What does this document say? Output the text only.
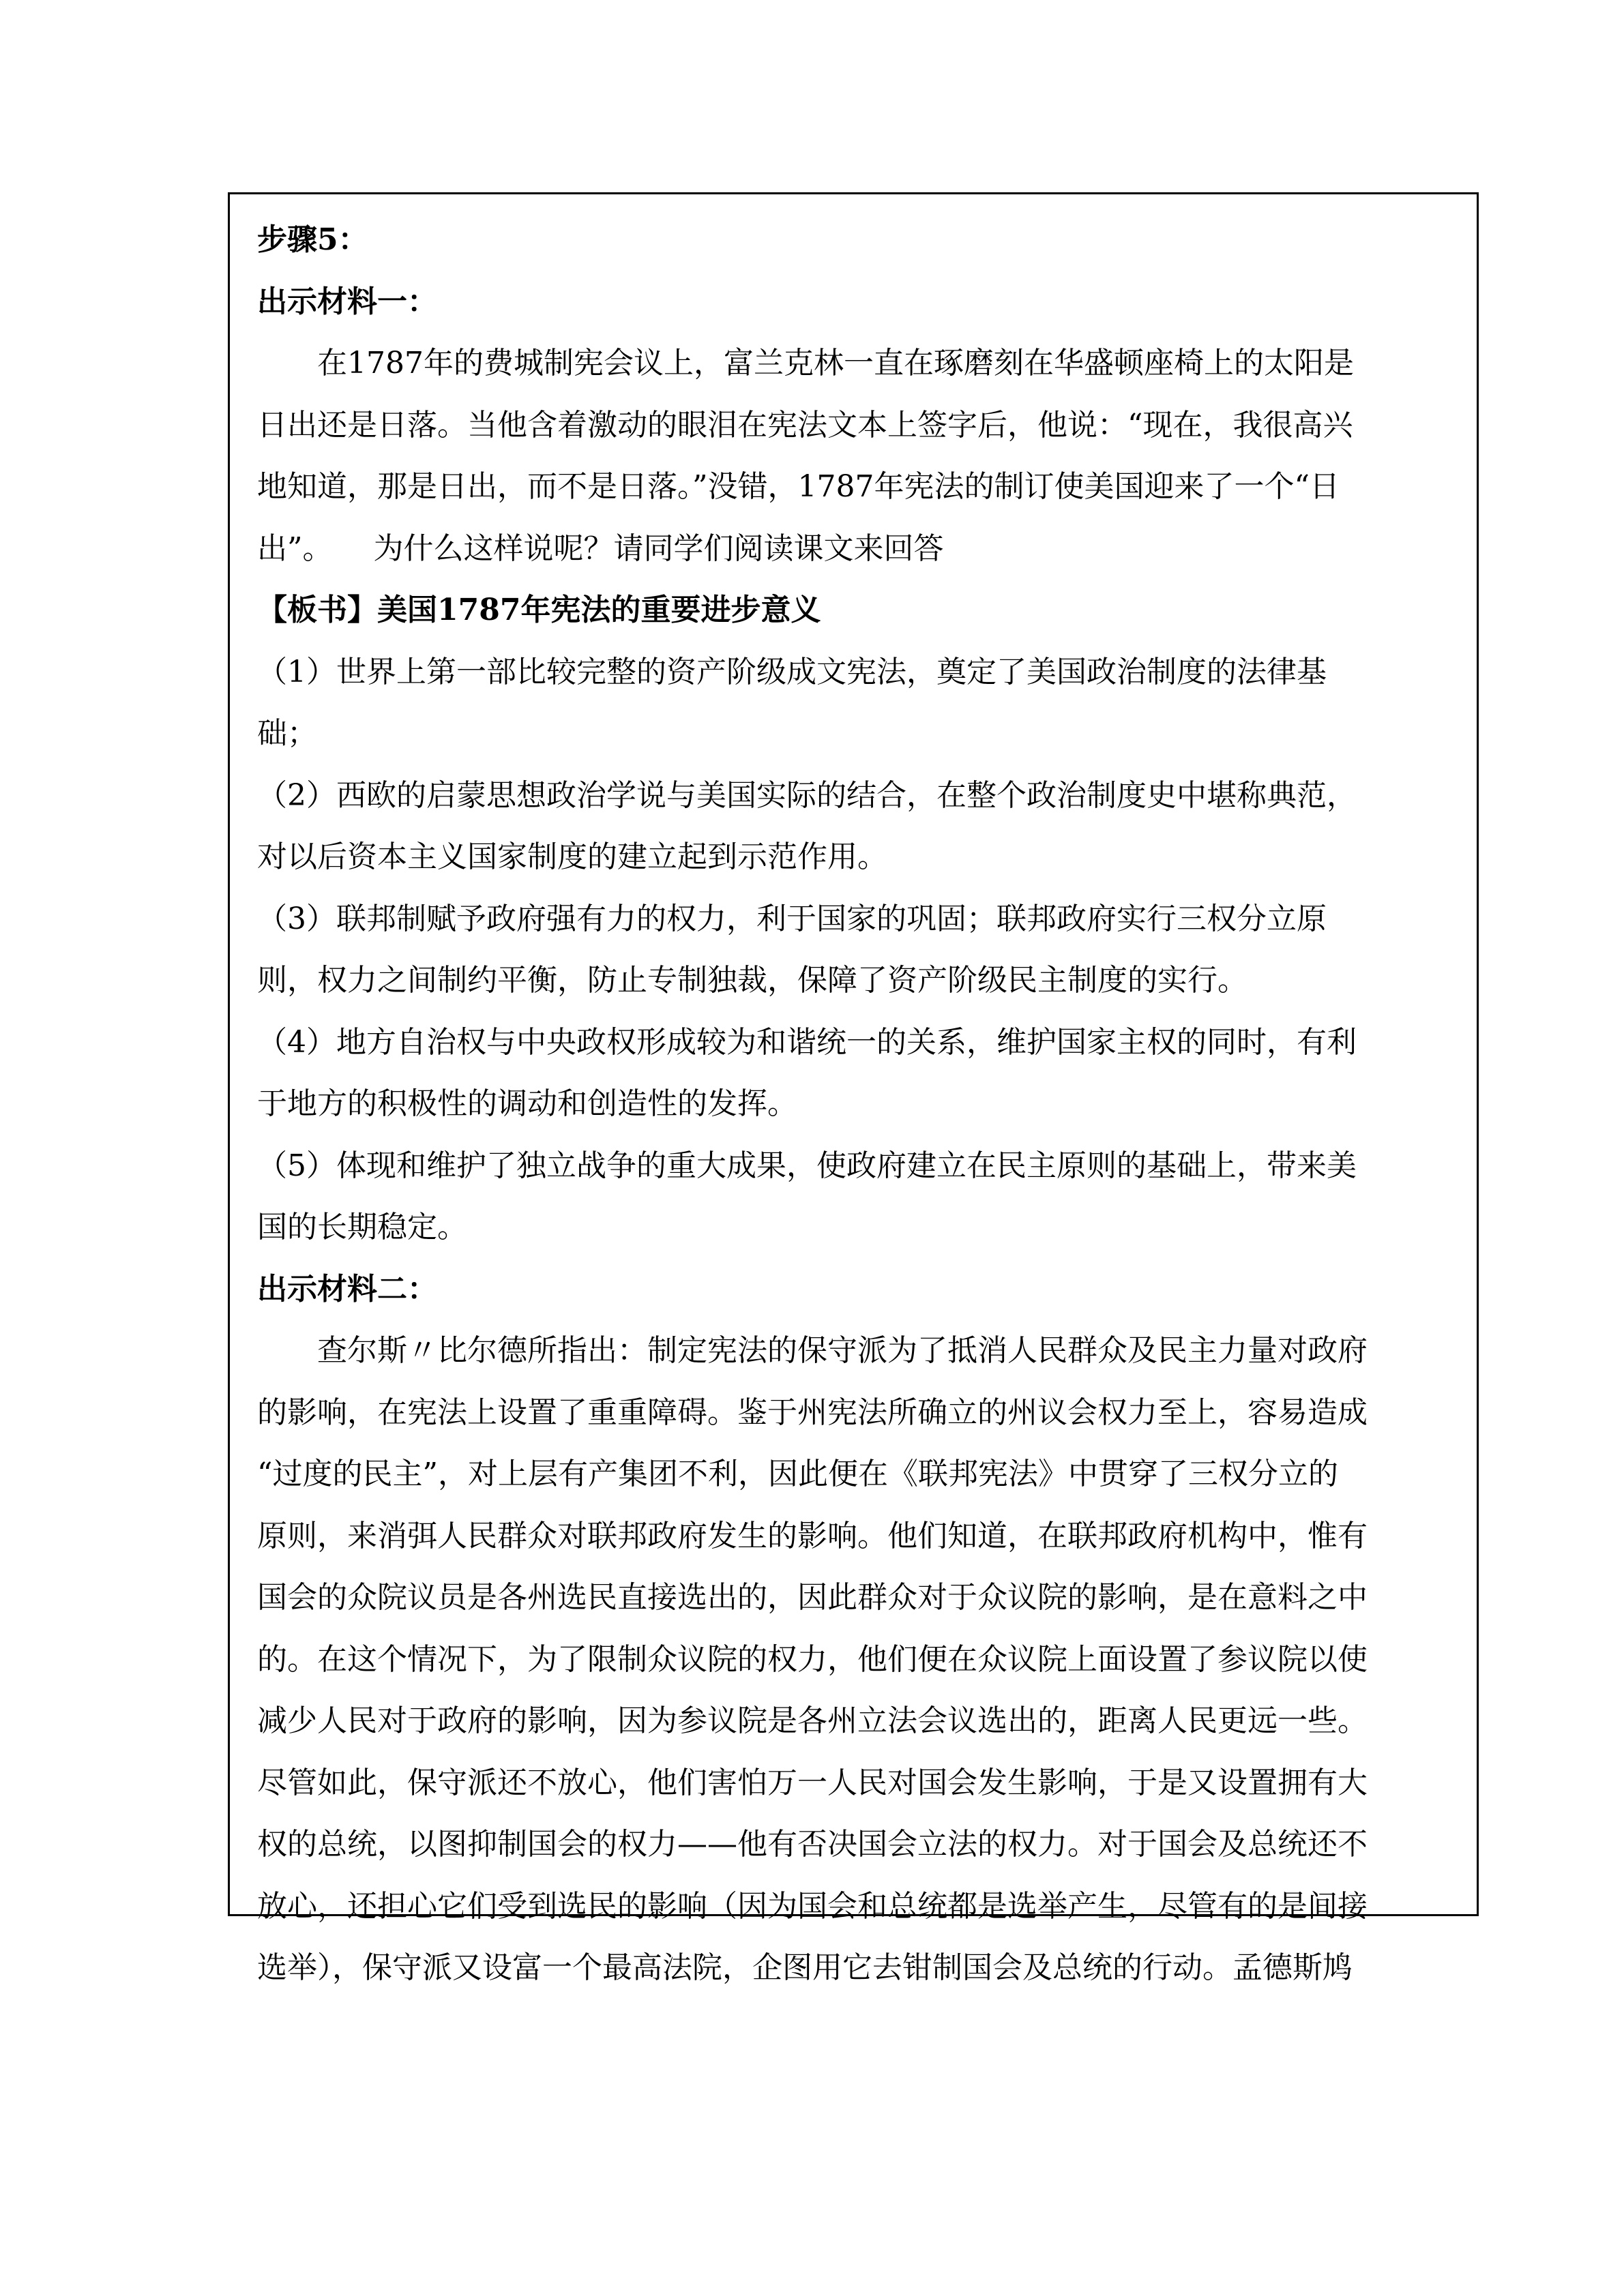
步骤5：
出示材料一：
在1787年的费城制宪会议上，富兰克林一直在琢磨刻在华盛顿座椅上的太阳是
日出还是日落。当他含着激动的眼泪在宪法文本上签字后，他说：“现在，我很高兴
地知道，那是日出，而不是日落。”没错，1787年宪法的制订使美国迎来了一个“日
出”。 为什么这样说呢？请同学们阅读课文来回答
【板书】美国1787年宪法的重要进步意义
（1）世界上第一部比较完整的资产阶级成文宪法，奠定了美国政治制度的法律基
础；
（2）西欧的启蒙思想政治学说与美国实际的结合，在整个政治制度史中堪称典范，
对以后资本主义国家制度的建立起到示范作用。
（3）联邦制赋予政府强有力的权力，利于国家的巩固；联邦政府实行三权分立原
则，权力之间制约平衡，防止专制独裁，保障了资产阶级民主制度的实行。
（4）地方自治权与中央政权形成较为和谐统一的关系，维护国家主权的同时，有利
于地方的积极性的调动和创造性的发挥。
（5）体现和维护了独立战争的重大成果，使政府建立在民主原则的基础上，带来美
国的长期稳定。
出示材料二：
查尔斯〃比尔德所指出：制定宪法的保守派为了抵消人民群众及民主力量对政府
的影响，在宪法上设置了重重障碍。鉴于州宪法所确立的州议会权力至上，容易造成
“过度的民主”，对上层有产集团不利，因此便在《联邦宪法》中贯穿了三权分立的
原则，来消弭人民群众对联邦政府发生的影响。他们知道，在联邦政府机构中，惟有
国会的众院议员是各州选民直接选出的，因此群众对于众议院的影响，是在意料之中
的。在这个情况下，为了限制众议院的权力，他们便在众议院上面设置了参议院以使
减少人民对于政府的影响，因为参议院是各州立法会议选出的，距离人民更远一些。
尽管如此，保守派还不放心，他们害怕万一人民对国会发生影响，于是又设置拥有大
权的总统，以图抑制国会的权力——他有否决国会立法的权力。对于国会及总统还不
放心，还担心它们受到选民的影响（因为国会和总统都是选举产生，尽管有的是间接
选举），保守派又设富一个最高法院，企图用它去钳制国会及总统的行动。孟德斯鸠
